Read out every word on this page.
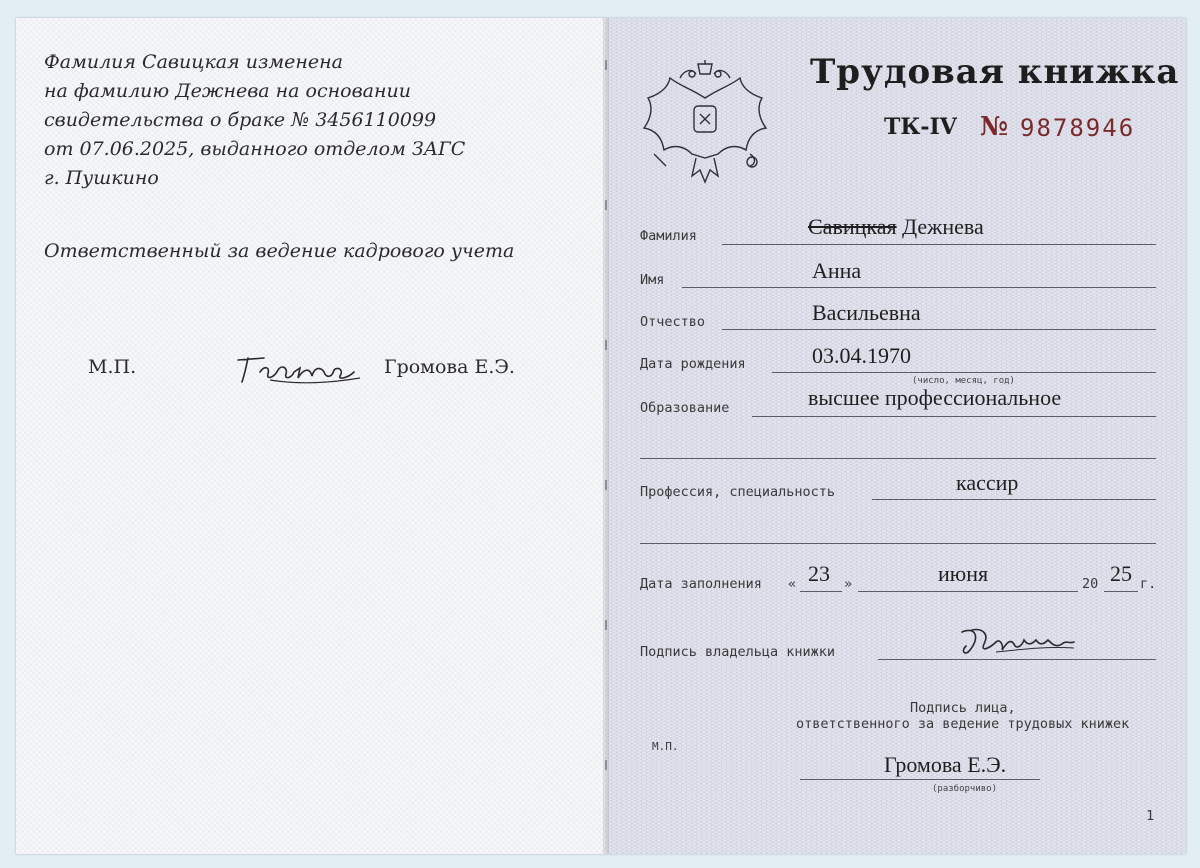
Фамилия Савицкая изменена
на фамилию Дежнева на основании
свидетельства о браке № 3456110099
от 07.06.2025, выданного отделом ЗАГС
г. Пушкино
Ответственный за ведение кадрового учета
М.П.	Громова Е.Э.
Трудовая книжка
ТК-IV № 9878946
Фамилия	Савицкая Дежнева
Имя	Анна
Отчество	Васильевна
Дата рождения	03.04.1970
(число, месяц, год)
Образование	высшее профессиональное
Профессия, специальность	кассир
Дата заполнения « 23 »	июня	20 25 г.
Подпись владельца книжки
Подпись лица,
ответственного за ведение трудовых книжек
М.П.
Громова Е.Э.
(разборчиво)
1
